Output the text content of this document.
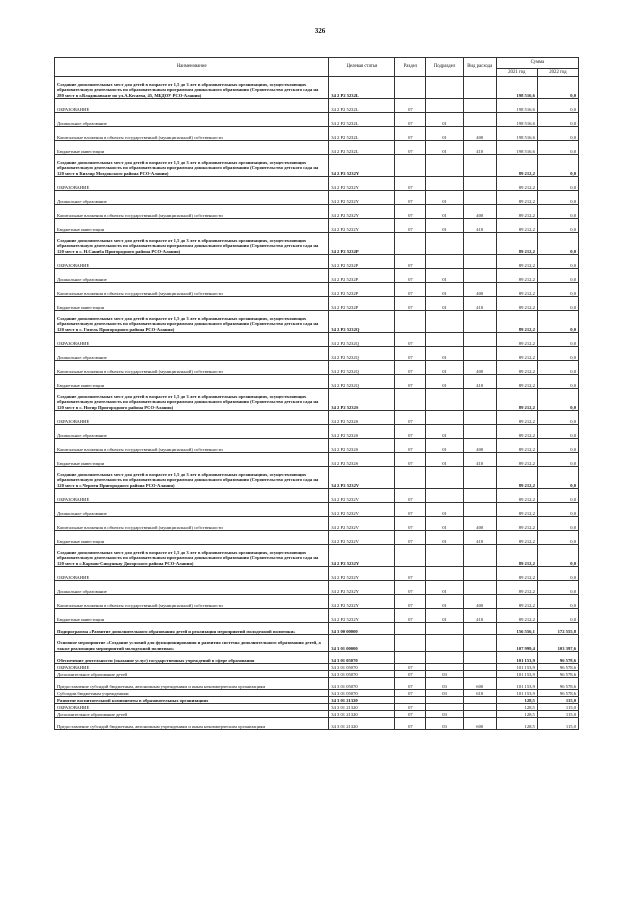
326
Наименование	Целевая статья	Раздел	Подраздел	Вид расхода	Сумма	
					2021 год	2022 год
Создание дополнительных мест для детей в возрасте от 1,5 до 3 лет в образовательных организациях, осуществляющих образовательную деятельность по образовательным программам дошкольного образования (Строительство детского сада на 280 мест в г.Владикавказе по ул.А.Кесаева, 45, МБДОУ РСО-Алания)	34 2 P2 5232L				198 516,6	0,0
ОБРАЗОВАНИЕ	34 2 P2 5232L	07			198 516,6	0,0
Дошкольное образование	34 2 P2 5232L	07	01		198 516,6	0,0
Капитальные вложения в объекты государственной (муниципальной) собственности	34 2 P2 5232L	07	01	400	198 516,6	0,0
Бюджетные инвестиции	34 2 P2 5232L	07	01	410	198 516,6	0,0
Создание дополнительных мест для детей в возрасте от 1,5 до 3 лет в образовательных организациях, осуществляющих образовательную деятельность по образовательным программам дошкольного образования (Строительство детского сада на 120 мест в Кизляр Моздокского района РСО-Алания)	34 2 P2 5232Y				89 212,2	0,0
ОБРАЗОВАНИЕ	34 2 P2 5232Y	07			89 212,2	0,0
Дошкольное образование	34 2 P2 5232Y	07	01		89 212,2	0,0
Капитальные вложения в объекты государственной (муниципальной) собственности	34 2 P2 5232Y	07	01	400	89 212,2	0,0
Бюджетные инвестиции	34 2 P2 5232Y	07	01	410	89 212,2	0,0
Создание дополнительных мест для детей в возрасте от 1,5 до 3 лет в образовательных организациях, осуществляющих образовательную деятельность по образовательным программам дошкольного образования (Строительство детского сада на 120 мест в с. Н.Саниба Пригородного района РСО-Алания)	34 2 P2 5232P				89 212,2	0,0
ОБРАЗОВАНИЕ	34 2 P2 5232P	07			89 212,2	0,0
Дошкольное образование	34 2 P2 5232P	07	01		89 212,2	0,0
Капитальные вложения в объекты государственной (муниципальной) собственности	34 2 P2 5232P	07	01	400	89 212,2	0,0
Бюджетные инвестиции	34 2 P2 5232P	07	01	410	89 212,2	0,0
Создание дополнительных мест для детей в возрасте от 1,5 до 3 лет в образовательных организациях, осуществляющих образовательную деятельность по образовательным программам дошкольного образования (Строительство детского сада на 120 мест в с. Гизель Пригородного района РСО-Алания)	34 2 P2 5232Q				89 212,2	0,0
ОБРАЗОВАНИЕ	34 2 P2 5232Q	07			89 212,2	0,0
Дошкольное образование	34 2 P2 5232Q	07	01		89 212,2	0,0
Капитальные вложения в объекты государственной (муниципальной) собственности	34 2 P2 5232Q	07	01	400	89 212,2	0,0
Бюджетные инвестиции	34 2 P2 5232Q	07	01	410	89 212,2	0,0
Создание дополнительных мест для детей в возрасте от 1,5 до 3 лет в образовательных организациях, осуществляющих образовательную деятельность по образовательным программам дошкольного образования (Строительство детского сада на 120 мест в с. Ногир Пригородного района РСО-Алания)	34 2 P2 5232S				89 212,2	0,0
ОБРАЗОВАНИЕ	34 2 P2 5232S	07			89 212,2	0,0
Дошкольное образование	34 2 P2 5232S	07	01		89 212,2	0,0
Капитальные вложения в объекты государственной (муниципальной) собственности	34 2 P2 5232S	07	01	400	89 212,2	0,0
Бюджетные инвестиции	34 2 P2 5232S	07	01	410	89 212,2	0,0
Создание дополнительных мест для детей в возрасте от 1,5 до 3 лет в образовательных организациях, осуществляющих образовательную деятельность по образовательным программам дошкольного образования (Строительство детского сада на 120 мест в с.Чермен Пригородного района РСО-Алания)	34 2 P2 5232V				89 212,2	0,0
ОБРАЗОВАНИЕ	34 2 P2 5232V	07			89 212,2	0,0
Дошкольное образование	34 2 P2 5232V	07	01		89 212,2	0,0
Капитальные вложения в объекты государственной (муниципальной) собственности	34 2 P2 5232V	07	01	400	89 212,2	0,0
Бюджетные инвестиции	34 2 P2 5232V	07	01	410	89 212,2	0,0
Создание дополнительных мест для детей в возрасте от 1,5 до 3 лет в образовательных организациях, осуществляющих образовательную деятельность по образовательным программам дошкольного образования (Строительство детского сада на 120 мест в с.Карман-Синдзикау Дигорского района РСО-Алания)	34 2 P2 5232Y				89 212,2	0,0
ОБРАЗОВАНИЕ	34 2 P2 5232Y	07			89 212,2	0,0
Дошкольное образование	34 2 P2 5232Y	07	01		89 212,2	0,0
Капитальные вложения в объекты государственной (муниципальной) собственности	34 2 P2 5232Y	07	01	400	89 212,2	0,0
Бюджетные инвестиции	34 2 P2 5232Y	07	01	410	89 212,2	0,0
Подпрограмма «Развитие дополнительного образования детей и реализация мероприятий молодежной политики»	34 3 00 00000				156 556,1	172 555,8
Основное мероприятие «Создание условий для функционирования и развития системы дополнительного образования детей, а также реализация мероприятий молодежной политики»	34 3 01 00000				107 999,4	103 397,6
Обеспечение деятельности (оказание услуг) государственных учреждений в сфере образования	34 3 01 05070				101 153,9	96 578,6
ОБРАЗОВАНИЕ	34 3 01 05070	07			101 153,9	96 578,6
Дополнительное образование детей	34 3 01 05070	07	03		101 153,9	96 578,6
Предоставление субсидий бюджетным, автономным учреждениям и иным некоммерческим организациям	34 3 01 05070	07	03	600	101 153,9	96 578,6
Субсидии бюджетным учреждениям	34 3 01 05070	07	03	610	101 153,9	96 578,6
Развитие воспитательной компоненты в образовательных организациях	34 3 01 21320				128,5	115,0
ОБРАЗОВАНИЕ	34 3 01 21320	07			128,5	115,0
Дополнительное образование детей	34 3 01 21320	07	03		128,5	115,0
Предоставление субсидий бюджетным, автономным учреждениям и иным некоммерческим организациям	34 3 01 21320	07	03	600	128,5	115,0
